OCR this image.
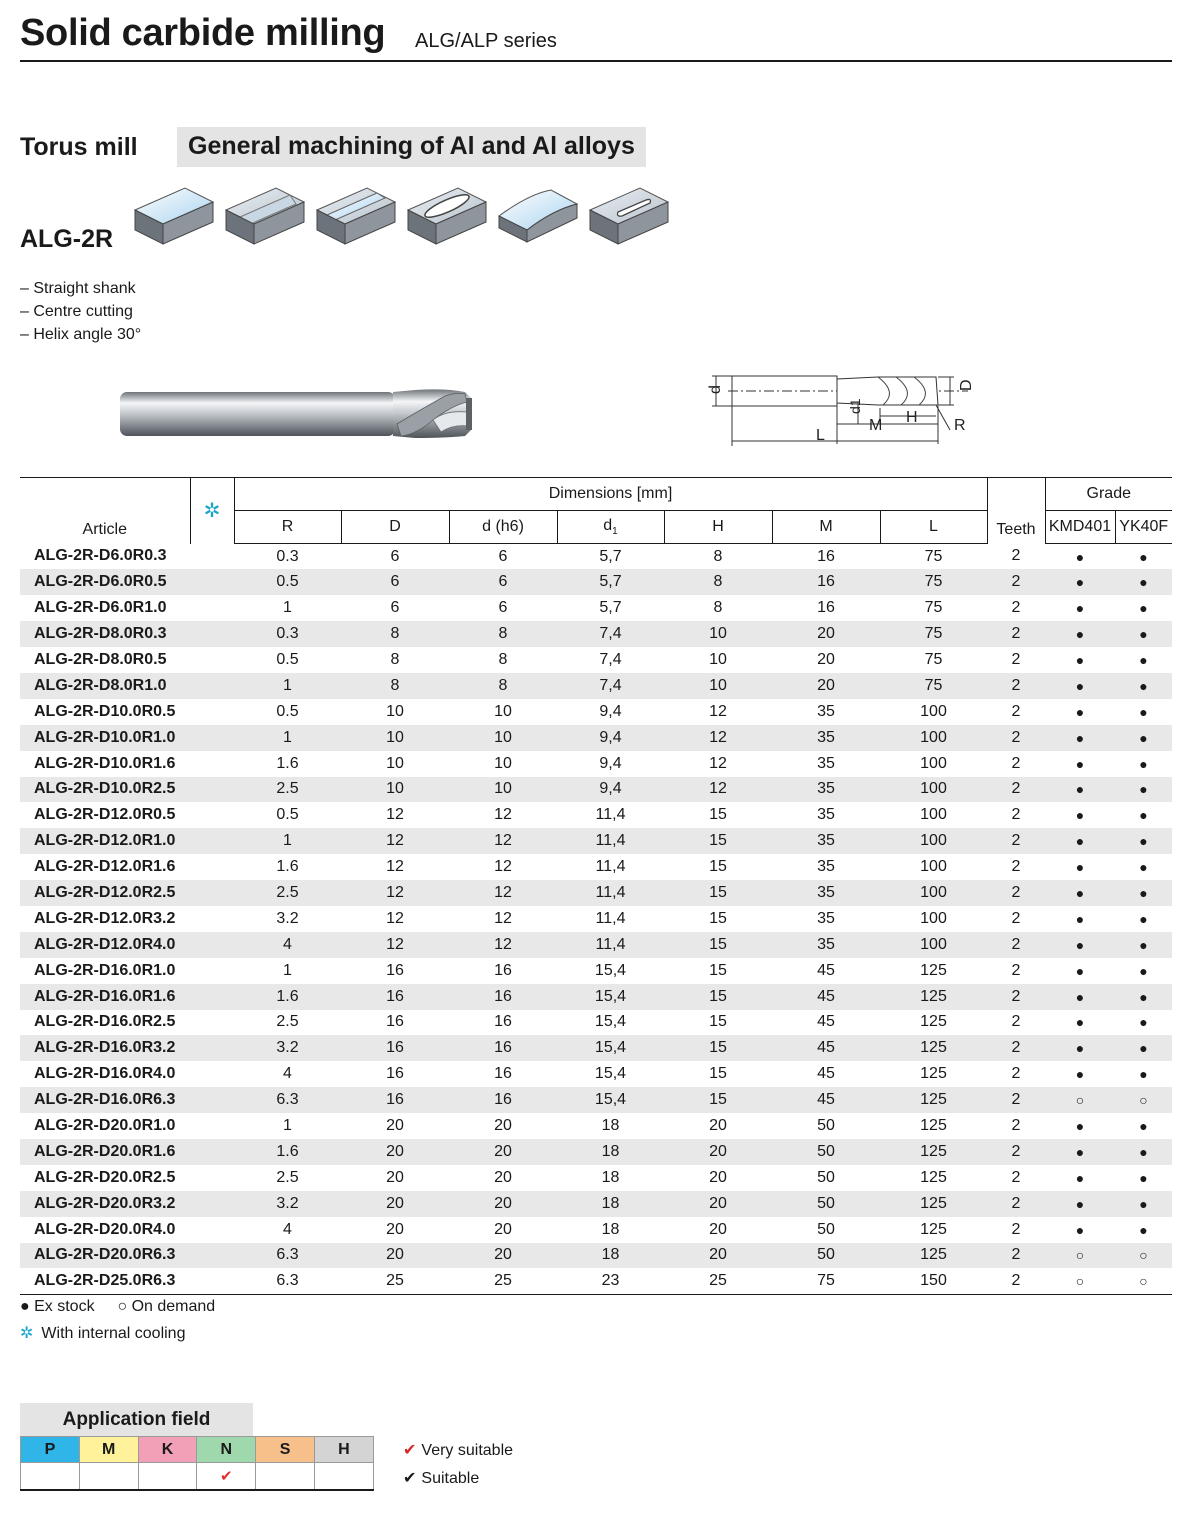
Solid carbide milling ALG/ALP series
Torus mill	General machining of Al and Al alloys
ALG-2R
– Straight shank
– Centre cutting
– Helix angle 30°
d	D
d1
M H
L
R
Article	✲	Dimensions [mm]							Teeth	Grade	
		R	D	d (h6)	$d_1$	H	M	L		KMD401	YK40F
ALG-2R-D6.0R0.3		0.3	6	6	5,7	8	16	75	2	●	●
ALG-2R-D6.0R0.5		0.5	6	6	5,7	8	16	75	2	●	●
ALG-2R-D6.0R1.0		1	6	6	5,7	8	16	75	2	●	●
ALG-2R-D8.0R0.3		0.3	8	8	7,4	10	20	75	2	●	●
ALG-2R-D8.0R0.5		0.5	8	8	7,4	10	20	75	2	●	●
ALG-2R-D8.0R1.0		1	8	8	7,4	10	20	75	2	●	●
ALG-2R-D10.0R0.5		0.5	10	10	9,4	12	35	100	2	●	●
ALG-2R-D10.0R1.0		1	10	10	9,4	12	35	100	2	●	●
ALG-2R-D10.0R1.6		1.6	10	10	9,4	12	35	100	2	●	●
ALG-2R-D10.0R2.5		2.5	10	10	9,4	12	35	100	2	●	●
ALG-2R-D12.0R0.5		0.5	12	12	11,4	15	35	100	2	●	●
ALG-2R-D12.0R1.0		1	12	12	11,4	15	35	100	2	●	●
ALG-2R-D12.0R1.6		1.6	12	12	11,4	15	35	100	2	●	●
ALG-2R-D12.0R2.5		2.5	12	12	11,4	15	35	100	2	●	●
ALG-2R-D12.0R3.2		3.2	12	12	11,4	15	35	100	2	●	●
ALG-2R-D12.0R4.0		4	12	12	11,4	15	35	100	2	●	●
ALG-2R-D16.0R1.0		1	16	16	15,4	15	45	125	2	●	●
ALG-2R-D16.0R1.6		1.6	16	16	15,4	15	45	125	2	●	●
ALG-2R-D16.0R2.5		2.5	16	16	15,4	15	45	125	2	●	●
ALG-2R-D16.0R3.2		3.2	16	16	15,4	15	45	125	2	●	●
ALG-2R-D16.0R4.0		4	16	16	15,4	15	45	125	2	●	●
ALG-2R-D16.0R6.3		6.3	16	16	15,4	15	45	125	2	○	○
ALG-2R-D20.0R1.0		1	20	20	18	20	50	125	2	●	●
ALG-2R-D20.0R1.6		1.6	20	20	18	20	50	125	2	●	●
ALG-2R-D20.0R2.5		2.5	20	20	18	20	50	125	2	●	●
ALG-2R-D20.0R3.2		3.2	20	20	18	20	50	125	2	●	●
ALG-2R-D20.0R4.0		4	20	20	18	20	50	125	2	●	●
ALG-2R-D20.0R6.3		6.3	20	20	18	20	50	125	2	○	○
ALG-2R-D25.0R6.3		6.3	25	25	23	25	75	150	2	○	○
● Ex stock ○ On demand
✲ With internal cooling
Application field
P	M	K	N	S	H
			✔		
✔ Very suitable
✔ Suitable
